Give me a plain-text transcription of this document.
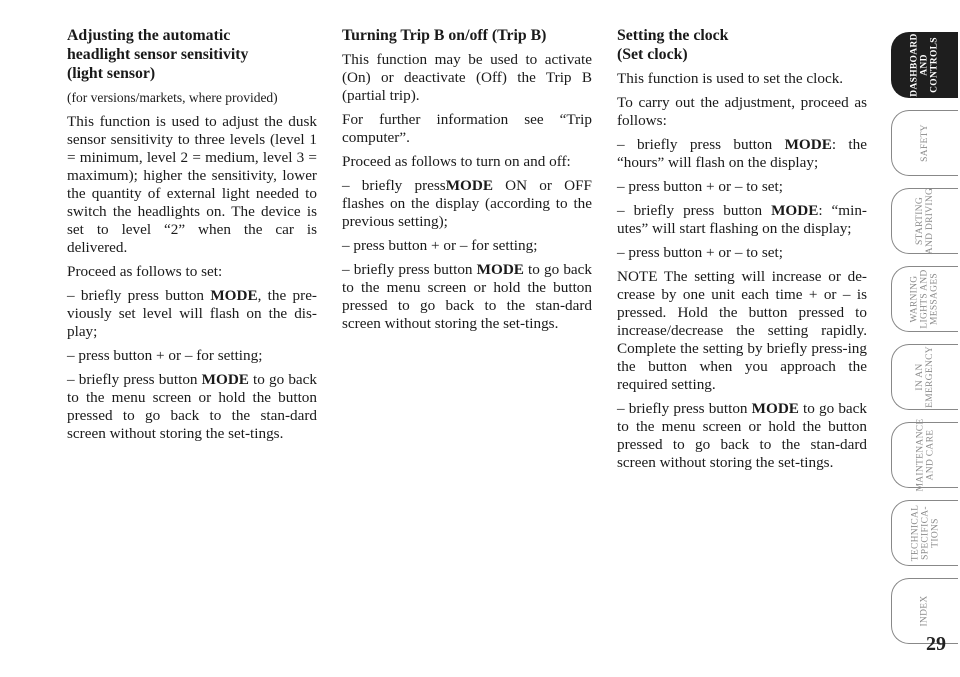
Adjusting the automatic
headlight sensor sensitivity
(light sensor)

(for versions/markets, where provided)

This function is used to adjust the dusk sensor sensitivity to three levels (level 1 = minimum, level 2 = medium, level 3 = maximum); higher the sensitivity, lower the quantity of external light needed to switch the headlights on. The device is set to level “2” when the car is delivered.

Proceed as follows to set:

– briefly press button MODE, the pre-viously set level will flash on the dis-play;

– press button + or – for setting;

– briefly press button MODE to go back to the menu screen or hold the button pressed to go back to the stan-dard screen without storing the set-tings.

Turning Trip B on/off (Trip B)

This function may be used to activate (On) or deactivate (Off) the Trip B (partial trip).

For further information see “Trip computer”.

Proceed as follows to turn on and off:

– briefly pressMODE ON or OFF flashes on the display (according to the previous setting);

– press button + or – for setting;

– briefly press button MODE to go back to the menu screen or hold the button pressed to go back to the stan-dard screen without storing the set-tings.

Setting the clock
(Set clock)

This function is used to set the clock.

To carry out the adjustment, proceed as follows:

– briefly press button MODE: the “hours” will flash on the display;

– press button + or – to set;

– briefly press button MODE: “min-utes” will start flashing on the display;

– press button + or – to set;

NOTE The setting will increase or de-crease by one unit each time + or – is pressed. Hold the button pressed to increase/decrease the setting rapidly. Complete the setting by briefly press-ing the button when you approach the required setting.

– briefly press button MODE to go back to the menu screen or hold the button pressed to go back to the stan-dard screen without storing the set-tings.

DASHBOARD
AND
CONTROLS
SAFETY
STARTING
AND DRIVING
WARNING
LIGHTS AND
MESSAGES
IN AN
EMERGENCY
MAINTENANCE
AND CARE
TECHNICAL
SPECIFICA-
TIONS
INDEX
29
